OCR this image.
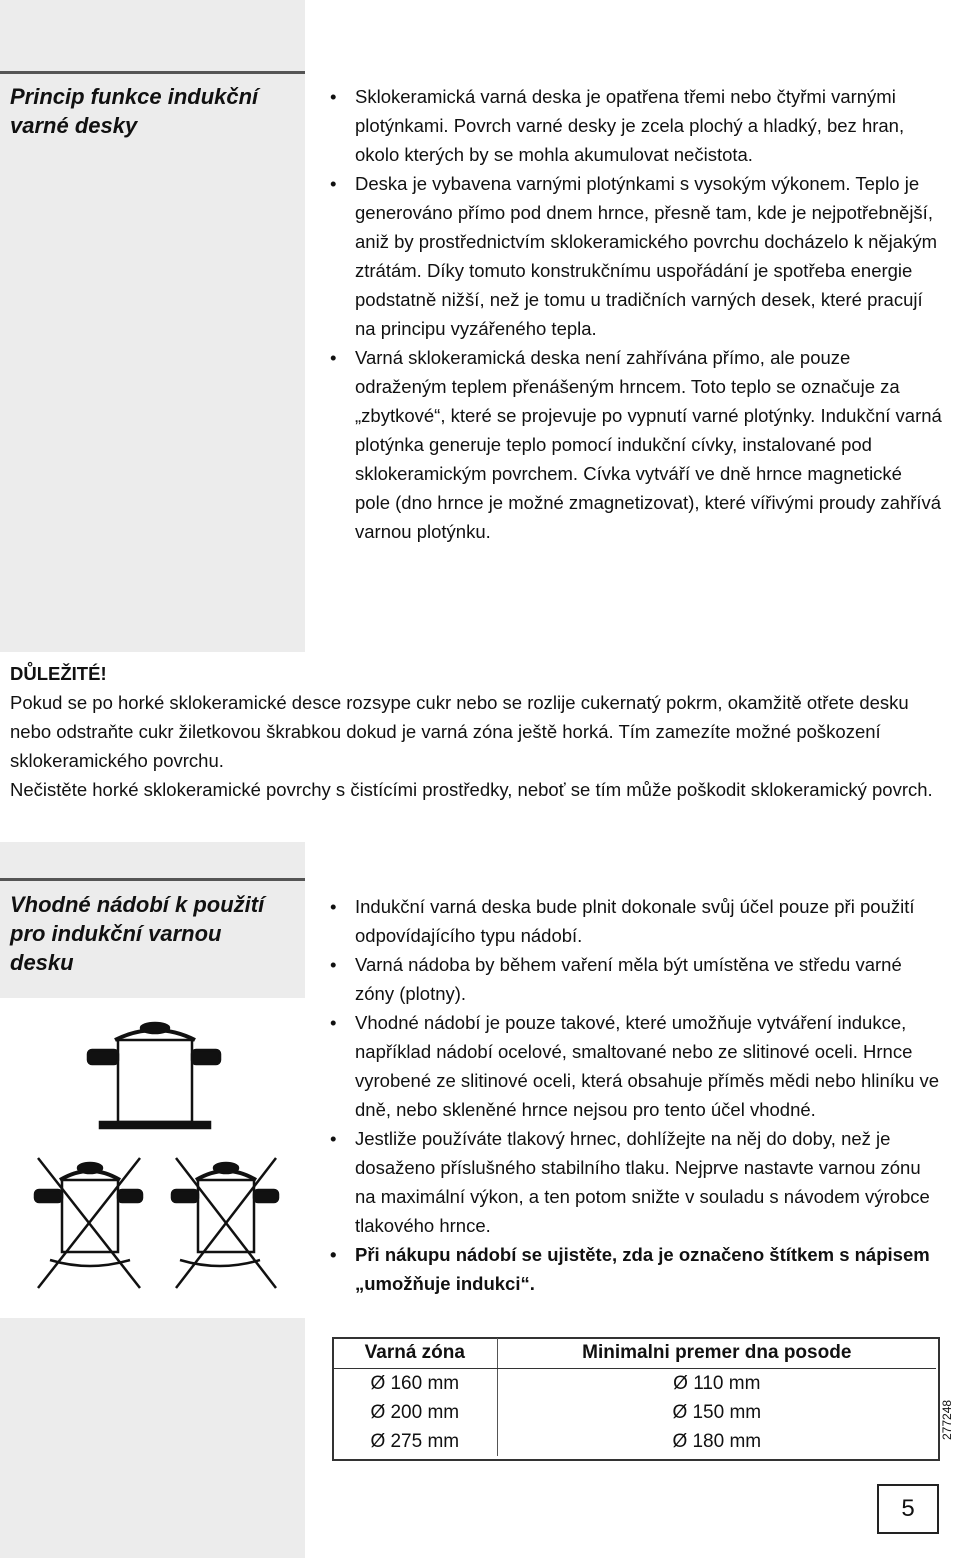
Princip funkce indukční
varné desky
• Sklokeramická varná deska je opatřena třemi nebo čtyřmi varnými plotýnkami. Povrch varné desky je zcela plochý a hladký, bez hran, okolo kterých by se mohla akumulovat nečistota.
• Deska je vybavena varnými plotýnkami s vysokým výkonem. Teplo je generováno přímo pod dnem hrnce, přesně tam, kde je nejpotřebnější, aniž by prostřednictvím sklokeramického povrchu docházelo k nějakým ztrátám. Díky tomuto konstrukčnímu uspořádání je spotřeba energie podstatně nižší, než je tomu u tradičních varných desek, které pracují na principu vyzářeného tepla.
• Varná sklokeramická deska není zahřívána přímo, ale pouze odraženým teplem přenášeným hrncem. Toto teplo se označuje za „zbytkové“, které se projevuje po vypnutí varné plotýnky. Indukční varná plotýnka generuje teplo pomocí indukční cívky, instalované pod sklokeramickým povrchem. Cívka vytváří ve dně hrnce magnetické pole (dno hrnce je možné zmagnetizovat), které vířivými proudy zahřívá varnou plotýnku.
DŮLEŽITÉ!
Pokud se po horké sklokeramické desce rozsype cukr nebo se rozlije cukernatý pokrm, okamžitě otřete desku nebo odstraňte cukr žiletkovou škrabkou dokud je varná zóna ještě horká. Tím zamezíte možné poškození sklokeramického povrchu.
Nečistěte horké sklokeramické povrchy s čistícími prostředky, neboť se tím může poškodit sklokeramický povrch.
Vhodné nádobí k použití
pro indukční varnou
desku
• Indukční varná deska bude plnit dokonale svůj účel pouze při použití odpovídajícího typu nádobí.
• Varná nádoba by během vaření měla být umístěna ve středu varné zóny (plotny).
• Vhodné nádobí je pouze takové, které umožňuje vytváření indukce, například nádobí ocelové, smaltované nebo ze slitinové oceli. Hrnce vyrobené ze slitinové oceli, která obsahuje příměs mědi nebo hliníku ve dně, nebo skleněné hrnce nejsou pro tento účel vhodné.
• Jestliže používáte tlakový hrnec, dohlížejte na něj do doby, než je dosaženo příslušného stabilního tlaku. Nejprve nastavte varnou zónu na maximální výkon, a ten potom snižte v souladu s návodem výrobce tlakového hrnce.
• Při nákupu nádobí se ujistěte, zda je označeno štítkem s nápisem „umožňuje indukci“.
Varná zóna	Minimalni premer dna posode
Ø 160 mm	Ø 110 mm
Ø 200 mm	Ø 150 mm
Ø 275 mm	Ø 180 mm
277248
5
